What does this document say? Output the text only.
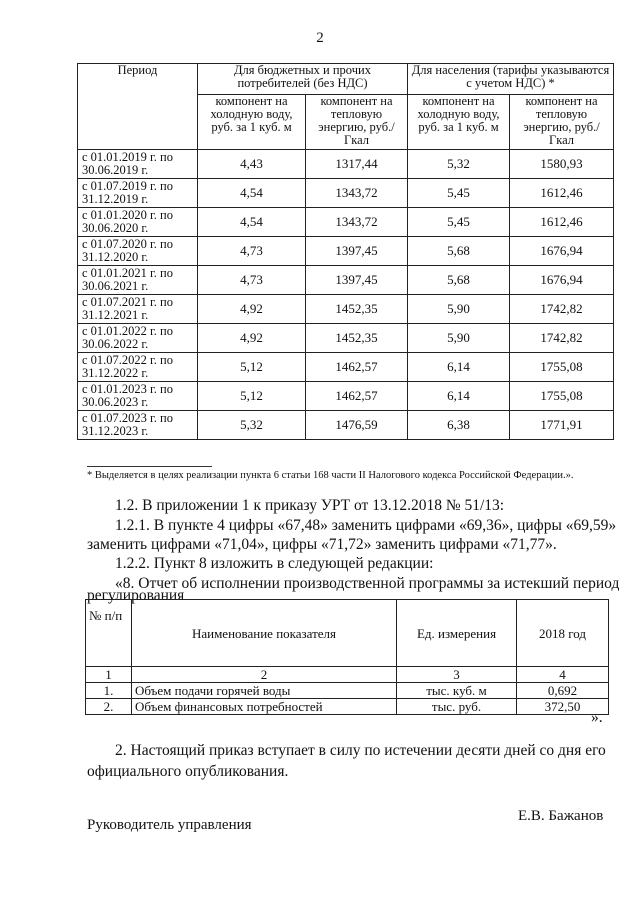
2
Период	Для бюджетных и прочих потребителей (без НДС)		Для населения (тарифы указываются с учетом НДС) *	
	компонент на холодную воду, руб. за 1 куб. м	компонент на тепловую энергию, руб./Гкал	компонент на холодную воду, руб. за 1 куб. м	компонент на тепловую энергию, руб./Гкал
с 01.01.2019 г. по 30.06.2019 г.	4,43	1317,44	5,32	1580,93
с 01.07.2019 г. по 31.12.2019 г.	4,54	1343,72	5,45	1612,46
с 01.01.2020 г. по 30.06.2020 г.	4,54	1343,72	5,45	1612,46
с 01.07.2020 г. по 31.12.2020 г.	4,73	1397,45	5,68	1676,94
с 01.01.2021 г. по 30.06.2021 г.	4,73	1397,45	5,68	1676,94
с 01.07.2021 г. по 31.12.2021 г.	4,92	1452,35	5,90	1742,82
с 01.01.2022 г. по 30.06.2022 г.	4,92	1452,35	5,90	1742,82
с 01.07.2022 г. по 31.12.2022 г.	5,12	1462,57	6,14	1755,08
с 01.01.2023 г. по 30.06.2023 г.	5,12	1462,57	6,14	1755,08
с 01.07.2023 г. по 31.12.2023 г.	5,32	1476,59	6,38	1771,91
* Выделяется в целях реализации пункта 6 статьи 168 части II Налогового кодекса Российской Федерации.».
1.2. В приложении 1 к приказу УРТ от 13.12.2018 № 51/13:
1.2.1. В пункте 4 цифры «67,48» заменить цифрами «69,36», цифры «69,59»
заменить цифрами «71,04», цифры «71,72» заменить цифрами «71,77».
1.2.2. Пункт 8 изложить в следующей редакции:
«8. Отчет об исполнении производственной программы за истекший период
регулирования
№ п/п	Наименование показателя	Ед. измерения	2018 год
1	2	3	4
1.	Объем подачи горячей воды	тыс. куб. м	0,692
2.	Объем финансовых потребностей	тыс. руб.	372,50
».
2. Настоящий приказ вступает в силу по истечении десяти дней со дня его
официального опубликования.
Руководитель управления
Е.В. Бажанов
